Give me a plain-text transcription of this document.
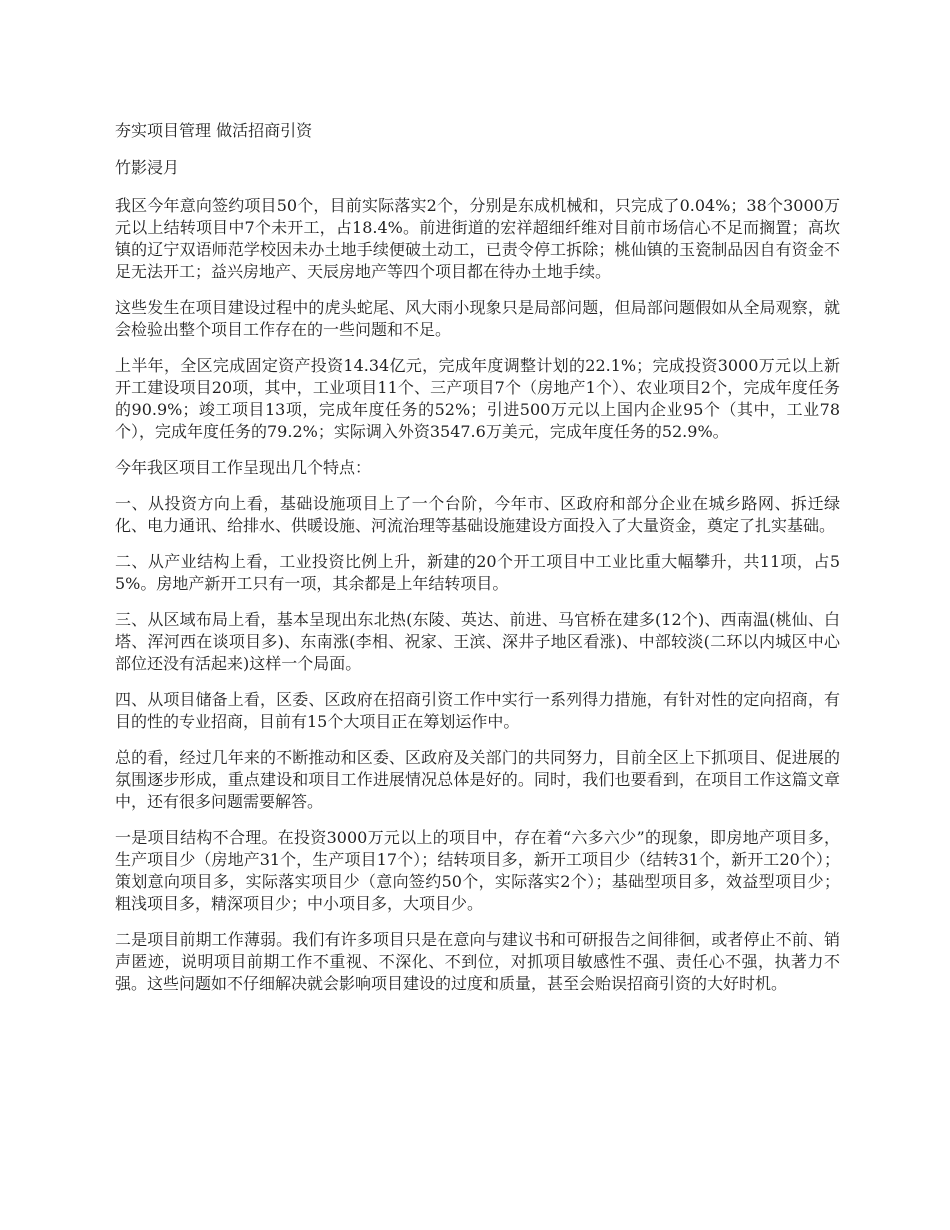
夯实项目管理 做活招商引资

竹影浸月

我区今年意向签约项目50个，目前实际落实2个，分别是东成机械和，只完成了0.04%；38个3000万元以上结转项目中7个未开工，占18.4%。前进街道的宏祥超细纤维对目前市场信心不足而搁置；高坎镇的辽宁双语师范学校因未办土地手续便破土动工，已责令停工拆除；桃仙镇的玉瓷制品因自有资金不足无法开工；益兴房地产、天辰房地产等四个项目都在待办土地手续。

这些发生在项目建设过程中的虎头蛇尾、风大雨小现象只是局部问题，但局部问题假如从全局观察，就会检验出整个项目工作存在的一些问题和不足。

上半年，全区完成固定资产投资14.34亿元，完成年度调整计划的22.1%；完成投资3000万元以上新开工建设项目20项，其中，工业项目11个、三产项目7个（房地产1个）、农业项目2个，完成年度任务的90.9%；竣工项目13项，完成年度任务的52%；引进500万元以上国内企业95个（其中，工业78个），完成年度任务的79.2%；实际调入外资3547.6万美元，完成年度任务的52.9%。

今年我区项目工作呈现出几个特点：

一、从投资方向上看，基础设施项目上了一个台阶，今年市、区政府和部分企业在城乡路网、拆迁绿化、电力通讯、给排水、供暖设施、河流治理等基础设施建设方面投入了大量资金，奠定了扎实基础。

二、从产业结构上看，工业投资比例上升，新建的20个开工项目中工业比重大幅攀升，共11项，占55%。房地产新开工只有一项，其余都是上年结转项目。

三、从区域布局上看，基本呈现出东北热(东陵、英达、前进、马官桥在建多(12个)、西南温(桃仙、白塔、浑河西在谈项目多)、东南涨(李相、祝家、王滨、深井子地区看涨)、中部较淡(二环以内城区中心部位还没有活起来)这样一个局面。

四、从项目储备上看，区委、区政府在招商引资工作中实行一系列得力措施，有针对性的定向招商，有目的性的专业招商，目前有15个大项目正在筹划运作中。

总的看，经过几年来的不断推动和区委、区政府及关部门的共同努力，目前全区上下抓项目、促进展的氛围逐步形成，重点建设和项目工作进展情况总体是好的。同时，我们也要看到，在项目工作这篇文章中，还有很多问题需要解答。

一是项目结构不合理。在投资3000万元以上的项目中，存在着“六多六少”的现象，即房地产项目多，生产项目少（房地产31个，生产项目17个）；结转项目多，新开工项目少（结转31个，新开工20个）；策划意向项目多，实际落实项目少（意向签约50个，实际落实2个）；基础型项目多，效益型项目少；粗浅项目多，精深项目少；中小项目多，大项目少。

二是项目前期工作薄弱。我们有许多项目只是在意向与建议书和可研报告之间徘徊，或者停止不前、销声匿迹，说明项目前期工作不重视、不深化、不到位，对抓项目敏感性不强、责任心不强，执著力不强。这些问题如不仔细解决就会影响项目建设的过度和质量，甚至会贻误招商引资的大好时机。
